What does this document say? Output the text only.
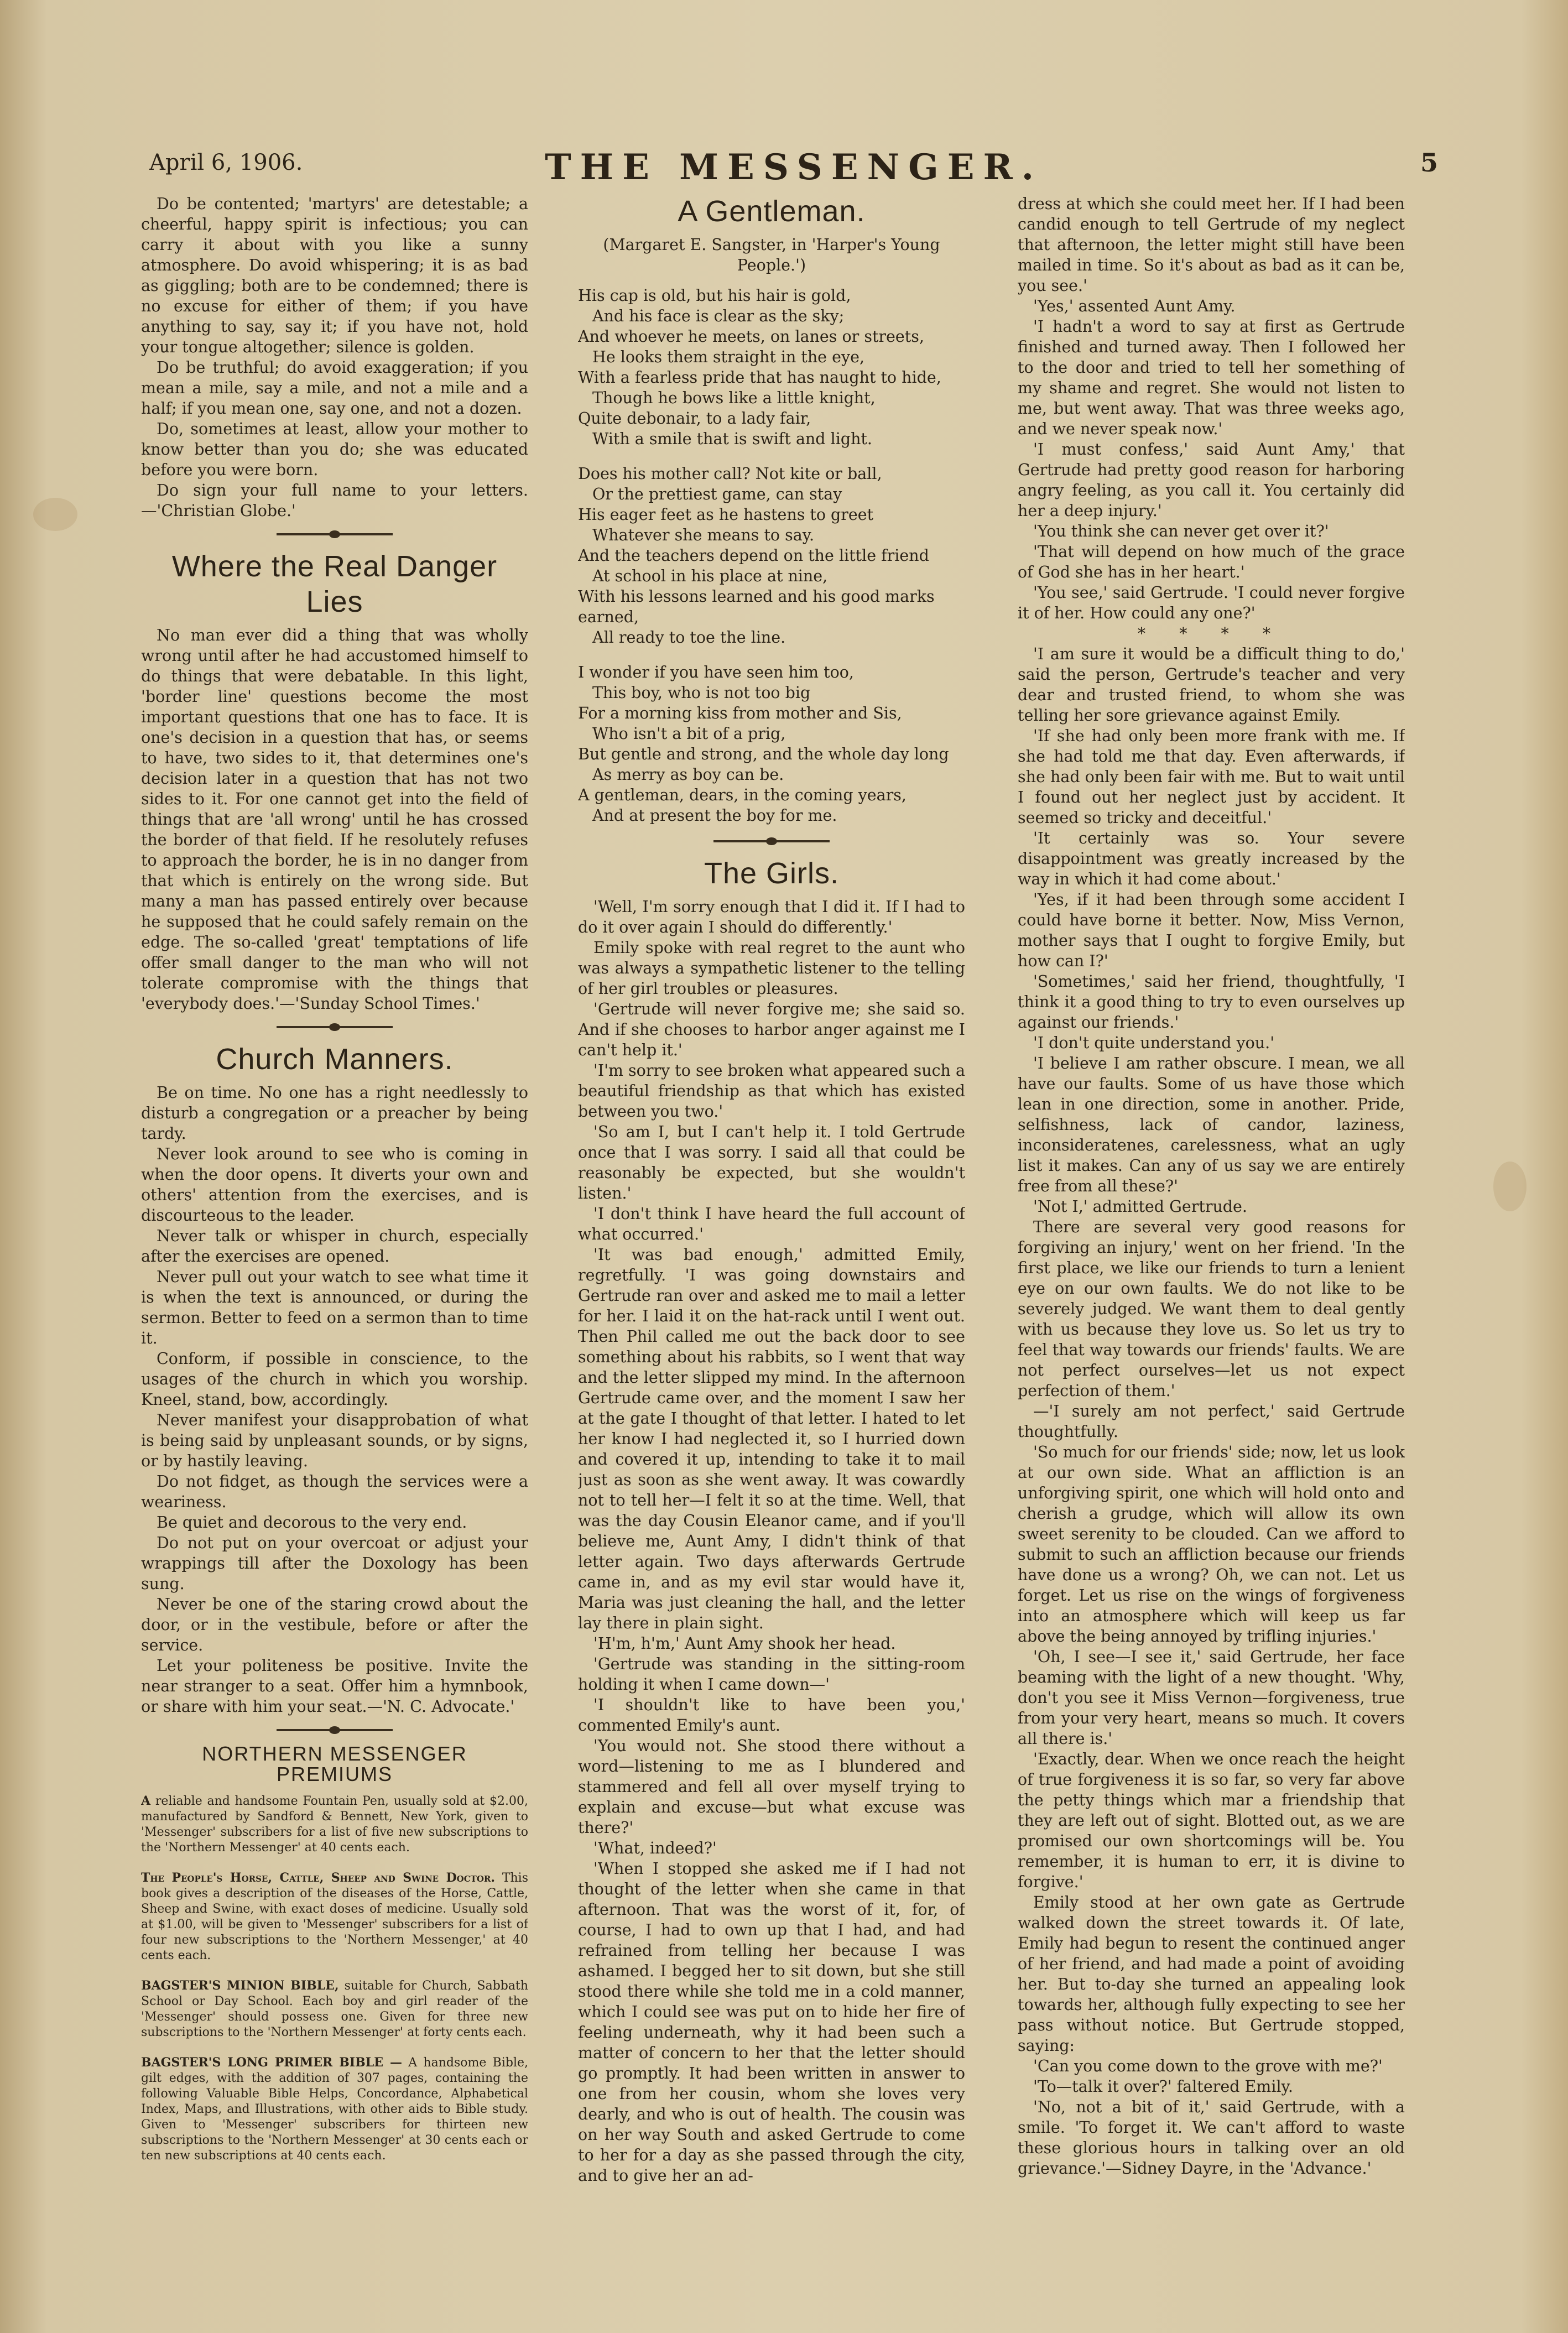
April 6, 1906.	THE MESSENGER.	5

Do be contented; 'martyrs' are detestable; a cheerful, happy spirit is infectious; you can carry it about with you like a sunny atmosphere. Do avoid whispering; it is as bad as giggling; both are to be condemned; there is no excuse for either of them; if you have anything to say, say it; if you have not, hold your tongue altogether; silence is golden.

Do be truthful; do avoid exaggeration; if you mean a mile, say a mile, and not a mile and a half; if you mean one, say one, and not a dozen.

Do, sometimes at least, allow your mother to know better than you do; she was educated before you were born.

Do sign your full name to your letters.—'Christian Globe.'

Where the Real Danger Lies

No man ever did a thing that was wholly wrong until after he had accustomed himself to do things that were debatable. In this light, 'border line' questions become the most important questions that one has to face. It is one's decision in a question that has, or seems to have, two sides to it, that determines one's decision later in a question that has not two sides to it. For one cannot get into the field of things that are 'all wrong' until he has crossed the border of that field. If he resolutely refuses to approach the border, he is in no danger from that which is entirely on the wrong side. But many a man has passed entirely over because he supposed that he could safely remain on the edge. The so-called 'great' temptations of life offer small danger to the man who will not tolerate compromise with the things that 'everybody does.'—'Sunday School Times.'

Church Manners.

Be on time. No one has a right needlessly to disturb a congregation or a preacher by being tardy.

Never look around to see who is coming in when the door opens. It diverts your own and others' attention from the exercises, and is discourteous to the leader.

Never talk or whisper in church, especially after the exercises are opened.

Never pull out your watch to see what time it is when the text is announced, or during the sermon. Better to feed on a sermon than to time it.

Conform, if possible in conscience, to the usages of the church in which you worship. Kneel, stand, bow, accordingly.

Never manifest your disapprobation of what is being said by unpleasant sounds, or by signs, or by hastily leaving.

Do not fidget, as though the services were a weariness.

Be quiet and decorous to the very end.

Do not put on your overcoat or adjust your wrappings till after the Doxology has been sung.

Never be one of the staring crowd about the door, or in the vestibule, before or after the service.

Let your politeness be positive. Invite the near stranger to a seat. Offer him a hymnbook, or share with him your seat.—'N. C. Advocate.'

NORTHERN MESSENGER PREMIUMS

A reliable and handsome Fountain Pen, usually sold at $2.00, manufactured by Sandford & Bennett, New York, given to 'Messenger' subscribers for a list of five new subscriptions to the 'Northern Messenger' at 40 cents each.

The People's Horse, Cattle, Sheep and Swine Doctor. This book gives a description of the diseases of the Horse, Cattle, Sheep and Swine, with exact doses of medicine. Usually sold at $1.00, will be given to 'Messenger' subscribers for a list of four new subscriptions to the 'Northern Messenger,' at 40 cents each.

BAGSTER'S MINION BIBLE, suitable for Church, Sabbath School or Day School. Each boy and girl reader of the 'Messenger' should possess one. Given for three new subscriptions to the 'Northern Messenger' at forty cents each.

BAGSTER'S LONG PRIMER BIBLE — A handsome Bible, gilt edges, with the addition of 307 pages, containing the following Valuable Bible Helps, Concordance, Alphabetical Index, Maps, and Illustrations, with other aids to Bible study. Given to 'Messenger' subscribers for thirteen new subscriptions to the 'Northern Messenger' at 30 cents each or ten new subscriptions at 40 cents each.

A Gentleman.

(Margaret E. Sangster, in 'Harper's Young People.')

His cap is old, but his hair is gold,
And his face is clear as the sky;
And whoever he meets, on lanes or streets,
He looks them straight in the eye,
With a fearless pride that has naught to hide,
Though he bows like a little knight,
Quite debonair, to a lady fair,
With a smile that is swift and light.
Does his mother call? Not kite or ball,
Or the prettiest game, can stay
His eager feet as he hastens to greet
Whatever she means to say.
And the teachers depend on the little friend
At school in his place at nine,
With his lessons learned and his good marks earned,
All ready to toe the line.
I wonder if you have seen him too,
This boy, who is not too big
For a morning kiss from mother and Sis,
Who isn't a bit of a prig,
But gentle and strong, and the whole day long
As merry as boy can be.
A gentleman, dears, in the coming years,
And at present the boy for me.
The Girls.

'Well, I'm sorry enough that I did it. If I had to do it over again I should do differently.'

Emily spoke with real regret to the aunt who was always a sympathetic listener to the telling of her girl troubles or pleasures.

'Gertrude will never forgive me; she said so. And if she chooses to harbor anger against me I can't help it.'

'I'm sorry to see broken what appeared such a beautiful friendship as that which has existed between you two.'

'So am I, but I can't help it. I told Gertrude once that I was sorry. I said all that could be reasonably be expected, but she wouldn't listen.'

'I don't think I have heard the full account of what occurred.'

'It was bad enough,' admitted Emily, regretfully. 'I was going downstairs and Gertrude ran over and asked me to mail a letter for her. I laid it on the hat-rack until I went out. Then Phil called me out the back door to see something about his rabbits, so I went that way and the letter slipped my mind. In the afternoon Gertrude came over, and the moment I saw her at the gate I thought of that letter. I hated to let her know I had neglected it, so I hurried down and covered it up, intending to take it to mail just as soon as she went away. It was cowardly not to tell her—I felt it so at the time. Well, that was the day Cousin Eleanor came, and if you'll believe me, Aunt Amy, I didn't think of that letter again. Two days afterwards Gertrude came in, and as my evil star would have it, Maria was just cleaning the hall, and the letter lay there in plain sight.

'H'm, h'm,' Aunt Amy shook her head.

'Gertrude was standing in the sitting-room holding it when I came down—'

'I shouldn't like to have been you,' commented Emily's aunt.

'You would not. She stood there without a word—listening to me as I blundered and stammered and fell all over myself trying to explain and excuse—but what excuse was there?'

'What, indeed?'

'When I stopped she asked me if I had not thought of the letter when she came in that afternoon. That was the worst of it, for, of course, I had to own up that I had, and had refrained from telling her because I was ashamed. I begged her to sit down, but she still stood there while she told me in a cold manner, which I could see was put on to hide her fire of feeling underneath, why it had been such a matter of concern to her that the letter should go promptly. It had been written in answer to one from her cousin, whom she loves very dearly, and who is out of health. The cousin was on her way South and asked Gertrude to come to her for a day as she passed through the city, and to give her an ad-

dress at which she could meet her. If I had been candid enough to tell Gertrude of my neglect that afternoon, the letter might still have been mailed in time. So it's about as bad as it can be, you see.'

'Yes,' assented Aunt Amy.

'I hadn't a word to say at first as Gertrude finished and turned away. Then I followed her to the door and tried to tell her something of my shame and regret. She would not listen to me, but went away. That was three weeks ago, and we never speak now.'

'I must confess,' said Aunt Amy,' that Gertrude had pretty good reason for harboring angry feeling, as you call it. You certainly did her a deep injury.'

'You think she can never get over it?'

'That will depend on how much of the grace of God she has in her heart.'

'You see,' said Gertrude. 'I could never forgive it of her. How could any one?'

* * * *

'I am sure it would be a difficult thing to do,' said the person, Gertrude's teacher and very dear and trusted friend, to whom she was telling her sore grievance against Emily.

'If she had only been more frank with me. If she had told me that day. Even afterwards, if she had only been fair with me. But to wait until I found out her neglect just by accident. It seemed so tricky and deceitful.'

'It certainly was so. Your severe disappointment was greatly increased by the way in which it had come about.'

'Yes, if it had been through some accident I could have borne it better. Now, Miss Vernon, mother says that I ought to forgive Emily, but how can I?'

'Sometimes,' said her friend, thoughtfully, 'I think it a good thing to try to even ourselves up against our friends.'

'I don't quite understand you.'

'I believe I am rather obscure. I mean, we all have our faults. Some of us have those which lean in one direction, some in another. Pride, selfishness, lack of candor, laziness, inconsideratenes, carelessness, what an ugly list it makes. Can any of us say we are entirely free from all these?'

'Not I,' admitted Gertrude.

There are several very good reasons for forgiving an injury,' went on her friend. 'In the first place, we like our friends to turn a lenient eye on our own faults. We do not like to be severely judged. We want them to deal gently with us because they love us. So let us try to feel that way towards our friends' faults. We are not perfect ourselves—let us not expect perfection of them.'

—'I surely am not perfect,' said Gertrude thoughtfully.

'So much for our friends' side; now, let us look at our own side. What an affliction is an unforgiving spirit, one which will hold onto and cherish a grudge, which will allow its own sweet serenity to be clouded. Can we afford to submit to such an affliction because our friends have done us a wrong? Oh, we can not. Let us forget. Let us rise on the wings of forgiveness into an atmosphere which will keep us far above the being annoyed by trifling injuries.'

'Oh, I see—I see it,' said Gertrude, her face beaming with the light of a new thought. 'Why, don't you see it Miss Vernon—forgiveness, true from your very heart, means so much. It covers all there is.'

'Exactly, dear. When we once reach the height of true forgiveness it is so far, so very far above the petty things which mar a friendship that they are left out of sight. Blotted out, as we are promised our own shortcomings will be. You remember, it is human to err, it is divine to forgive.'

Emily stood at her own gate as Gertrude walked down the street towards it. Of late, Emily had begun to resent the continued anger of her friend, and had made a point of avoiding her. But to-day she turned an appealing look towards her, although fully expecting to see her pass without notice. But Gertrude stopped, saying:

'Can you come down to the grove with me?'

'To—talk it over?' faltered Emily.

'No, not a bit of it,' said Gertrude, with a smile. 'To forget it. We can't afford to waste these glorious hours in talking over an old grievance.'—Sidney Dayre, in the 'Advance.'
